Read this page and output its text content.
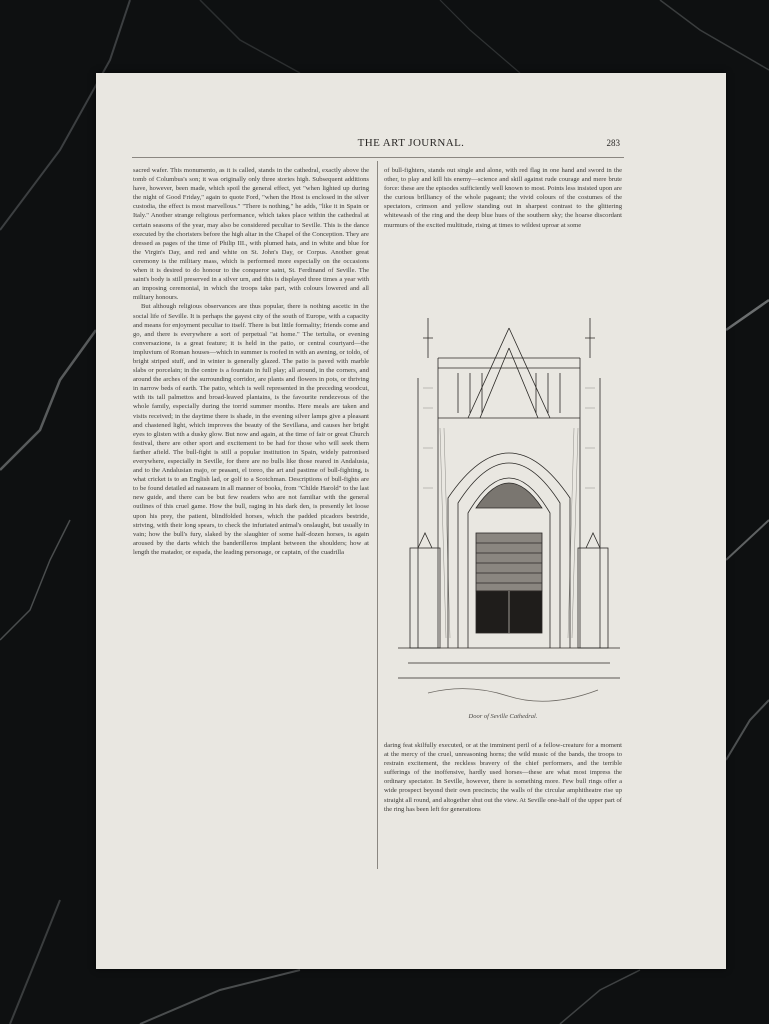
THE ART JOURNAL.	283

sacred wafer. This monumento, as it is called, stands in the cathedral, exactly above the tomb of Columbus's son; it was originally only three stories high. Subsequent additions have, however, been made, which spoil the general effect, yet "when lighted up during the night of Good Friday," again to quote Ford, "when the Host is enclosed in the silver custodia, the effect is most marvellous." "There is nothing," he adds, "like it in Spain or Italy." Another strange religious performance, which takes place within the cathedral at certain seasons of the year, may also be considered peculiar to Seville. This is the dance executed by the choristers before the high altar in the Chapel of the Conception. They are dressed as pages of the time of Philip III., with plumed hats, and in white and blue for the Virgin's Day, and red and white on St. John's Day, or Corpus. Another great ceremony is the military mass, which is performed more especially on the occasions when it is desired to do honour to the conqueror saint, St. Ferdinand of Seville. The saint's body is still preserved in a silver urn, and this is displayed three times a year with an imposing ceremonial, in which the troops take part, with colours lowered and all military honours.

But although religious observances are thus popular, there is nothing ascetic in the social life of Seville. It is perhaps the gayest city of the south of Europe, with a capacity and means for enjoyment peculiar to itself. There is but little formality; friends come and go, and there is everywhere a sort of perpetual "at home." The tertulia, or evening conversazione, is a great feature; it is held in the patio, or central courtyard—the impluvium of Roman houses—which in summer is roofed in with an awning, or toldo, of bright striped stuff, and in winter is generally glazed. The patio is paved with marble slabs or porcelain; in the centre is a fountain in full play; all around, in the corners, and around the arches of the surrounding corridor, are plants and flowers in pots, or thriving in narrow beds of earth. The patio, which is well represented in the preceding woodcut, with its tall palmettos and broad-leaved plantains, is the favourite rendezvous of the whole family, especially during the torrid summer months. Here meals are taken and visits received; in the daytime there is shade, in the evening silver lamps give a pleasant and chastened light, which improves the beauty of the Sevillana, and causes her bright eyes to glisten with a dusky glow. But now and again, at the time of fair or great Church festival, there are other sport and excitement to be had for those who will seek them farther afield. The bull-fight is still a popular institution in Spain, widely patronised everywhere, especially in Seville, for there are no bulls like those reared in Andalusia, and to the Andalusian majo, or peasant, el toreo, the art and pastime of bull-fighting, is what cricket is to an English lad, or golf to a Scotchman. Descriptions of bull-fights are to be found detailed ad nauseam in all manner of books, from "Childe Harold" to the last new guide, and there can be but few readers who are not familiar with the general outlines of this cruel game. How the bull, raging in his dark den, is presently let loose upon his prey, the patient, blindfolded horses, which the padded picadors bestride, striving, with their long spears, to check the infuriated animal's onslaught, but usually in vain; how the bull's fury, slaked by the slaughter of some half-dozen horses, is again aroused by the darts which the banderilleros implant between the shoulders; how at length the matador, or espada, the leading personage, or captain, of the cuadrilla

of bull-fighters, stands out single and alone, with red flag in one hand and sword in the other, to play and kill his enemy—science and skill against rude courage and mere brute force: these are the episodes sufficiently well known to most. Points less insisted upon are the curious brilliancy of the whole pageant; the vivid colours of the costumes of the spectators, crimson and yellow standing out in sharpest contrast to the glittering whitewash of the ring and the deep blue hues of the southern sky; the hoarse discordant murmurs of the excited multitude, rising at times to wildest uproar at some

Door of Seville Cathedral.

daring feat skilfully executed, or at the imminent peril of a fellow-creature for a moment at the mercy of the cruel, unreasoning horns; the wild music of the bands, the troops to restrain excitement, the reckless bravery of the chief performers, and the terrible sufferings of the inoffensive, hardly used horses—these are what most impress the ordinary spectator. In Seville, however, there is something more. Few bull rings offer a wide prospect beyond their own precincts; the walls of the circular amphitheatre rise up straight all round, and altogether shut out the view. At Seville one-half of the upper part of the ring has been left for generations
